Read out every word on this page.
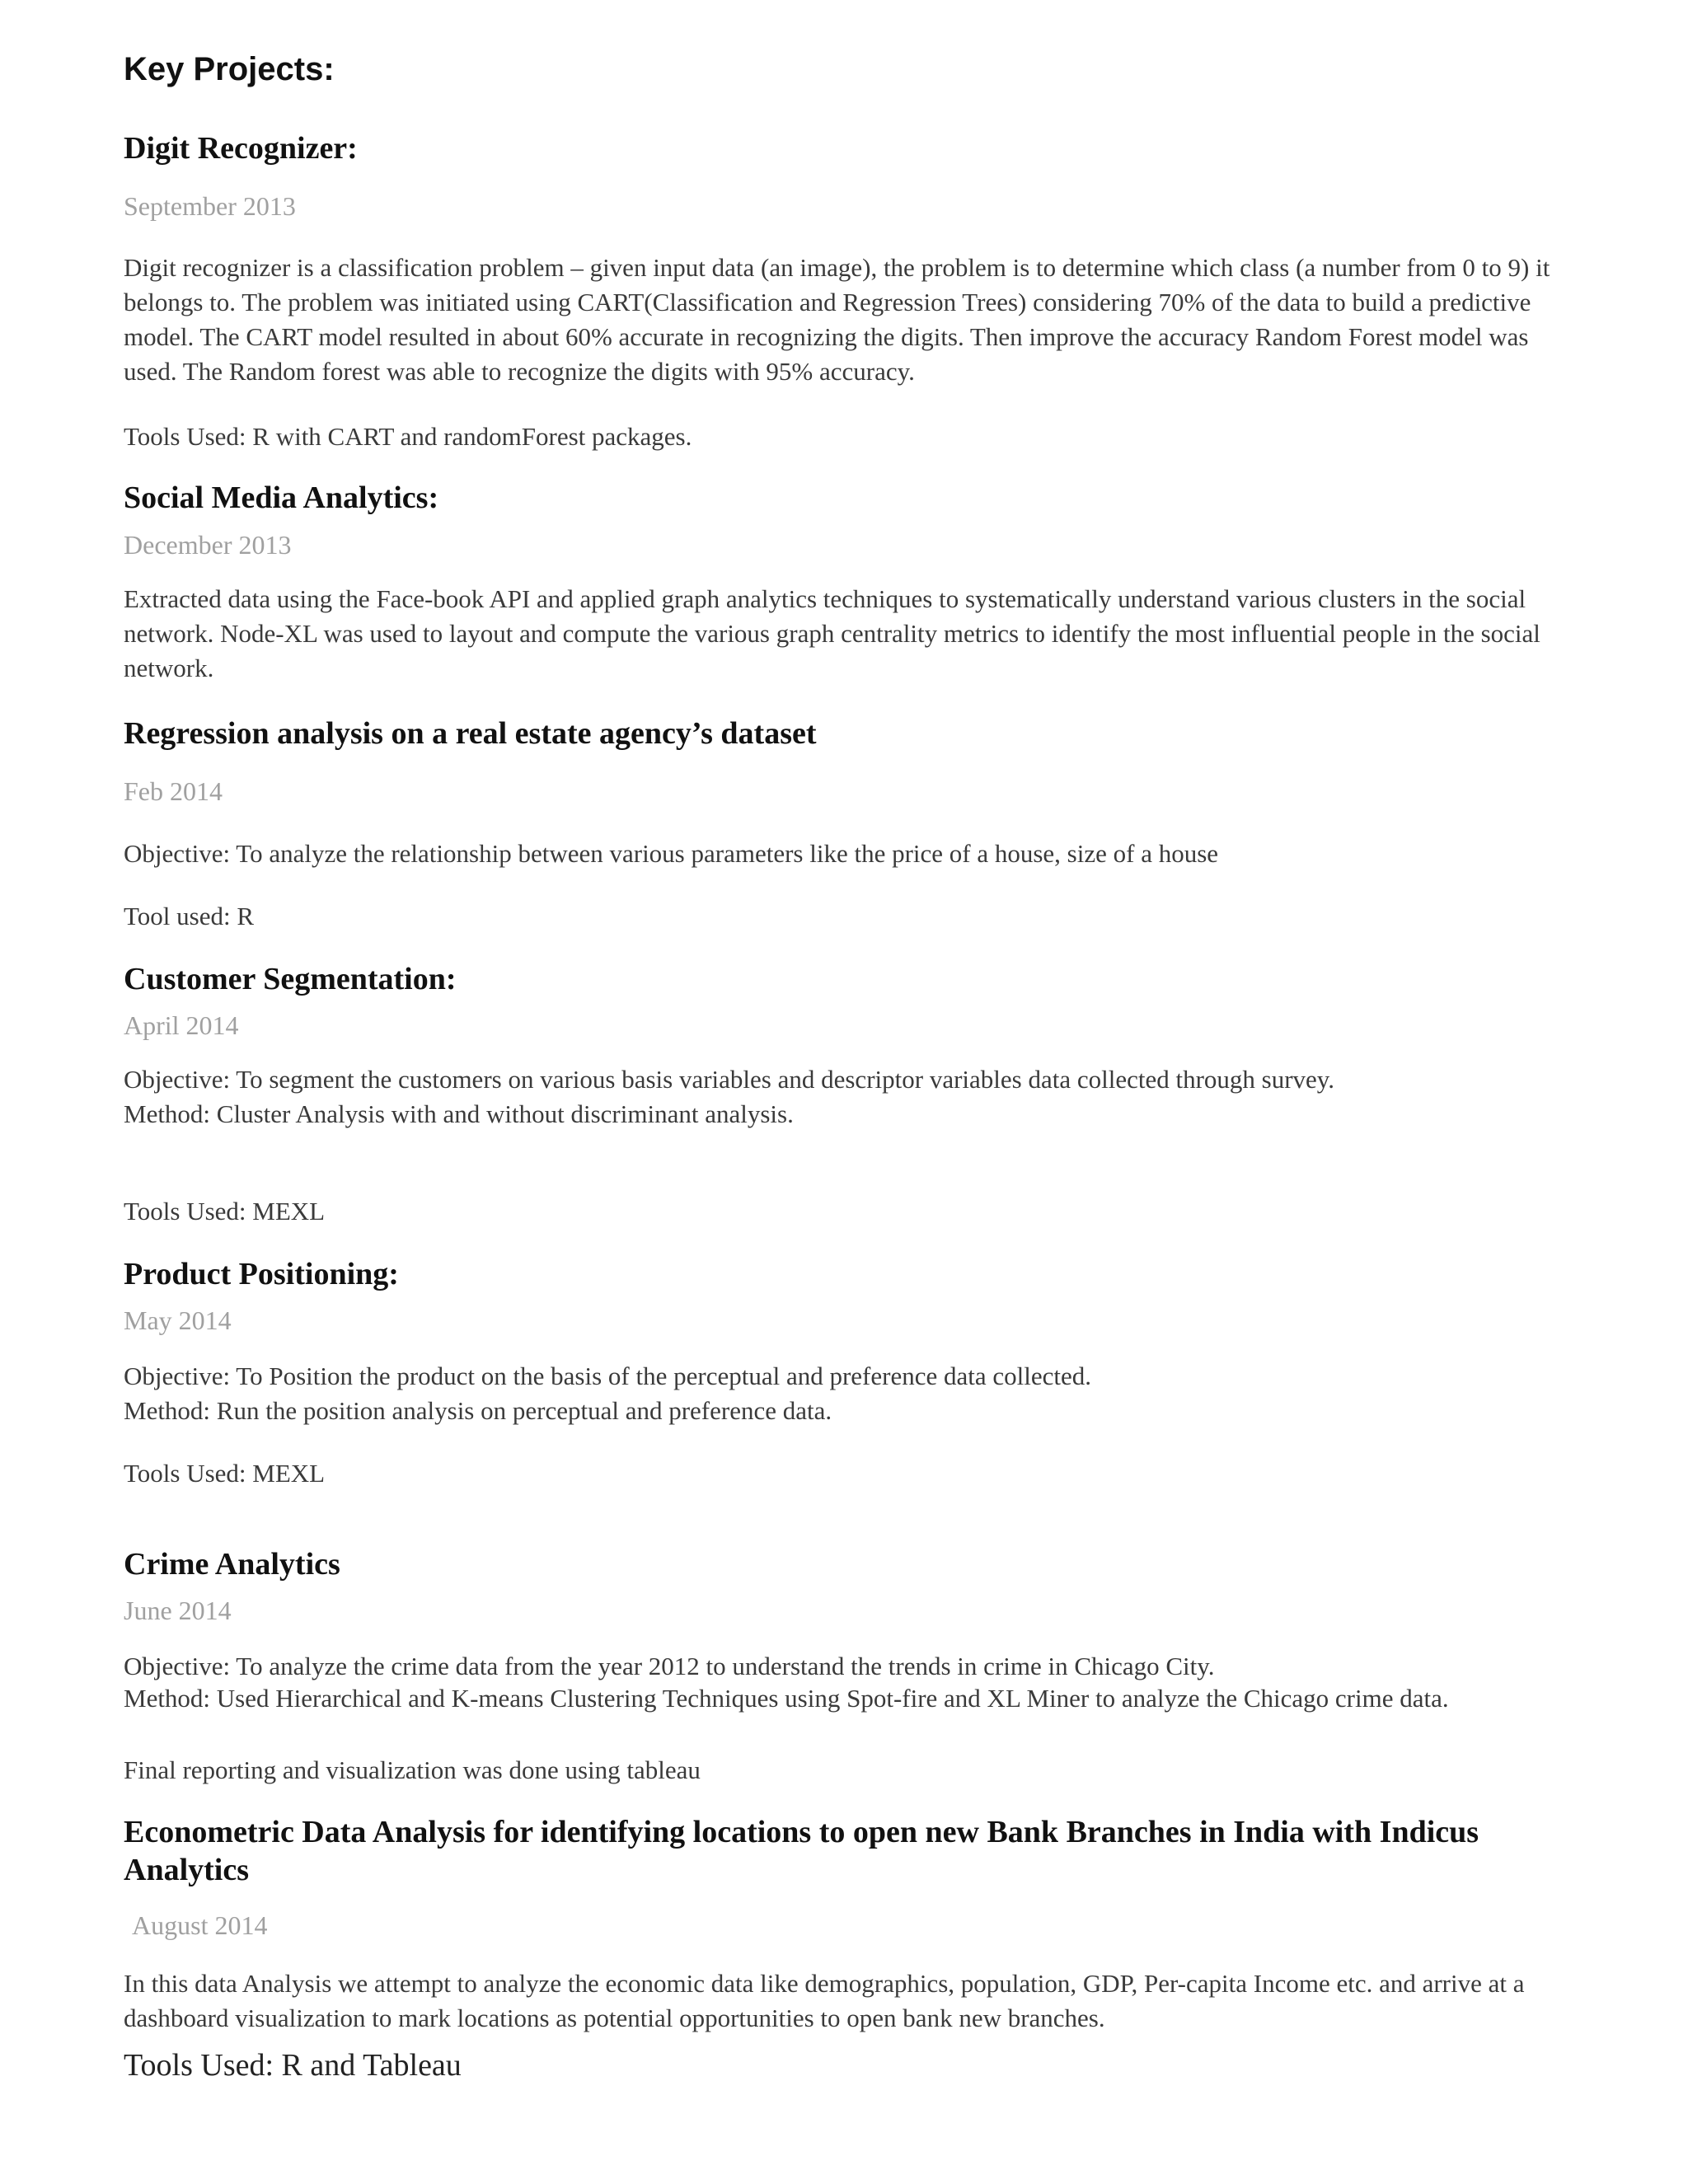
Key Projects:
Digit Recognizer:
September 2013

Digit recognizer is a classification problem – given input data (an image), the problem is to determine which class (a number from 0 to 9) it belongs to. The problem was initiated using CART(Classification and Regression Trees) considering 70% of the data to build a predictive model. The CART model resulted in about 60% accurate in recognizing the digits. Then improve the accuracy Random Forest model was used. The Random forest was able to recognize the digits with 95% accuracy.

Tools Used: R with CART and randomForest packages.
Social Media Analytics:
December 2013

Extracted data using the Face-book API and applied graph analytics techniques to systematically understand various clusters in the social network. Node-XL was used to layout and compute the various graph centrality metrics to identify the most influential people in the social network.

Regression analysis on a real estate agency’s dataset
Feb 2014
Objective: To analyze the relationship between various parameters like the price of a house, size of a house
Tool used: R
Customer Segmentation:
April 2014
Objective: To segment the customers on various basis variables and descriptor variables data collected through survey.
Method: Cluster Analysis with and without discriminant analysis.
Tools Used: MEXL
Product Positioning:
May 2014
Objective: To Position the product on the basis of the perceptual and preference data collected.
Method: Run the position analysis on perceptual and preference data.
Tools Used: MEXL
Crime Analytics
June 2014
Objective: To analyze the crime data from the year 2012 to understand the trends in crime in Chicago City.

Method: Used Hierarchical and K-means Clustering Techniques using Spot-fire and XL Miner to analyze the Chicago crime data.

Final reporting and visualization was done using tableau
Econometric Data Analysis for identifying locations to open new Bank Branches in India with Indicus Analytics
August 2014

In this data Analysis we attempt to analyze the economic data like demographics, population, GDP, Per-capita Income etc. and arrive at a dashboard visualization to mark locations as potential opportunities to open bank new branches.

Tools Used: R and Tableau
